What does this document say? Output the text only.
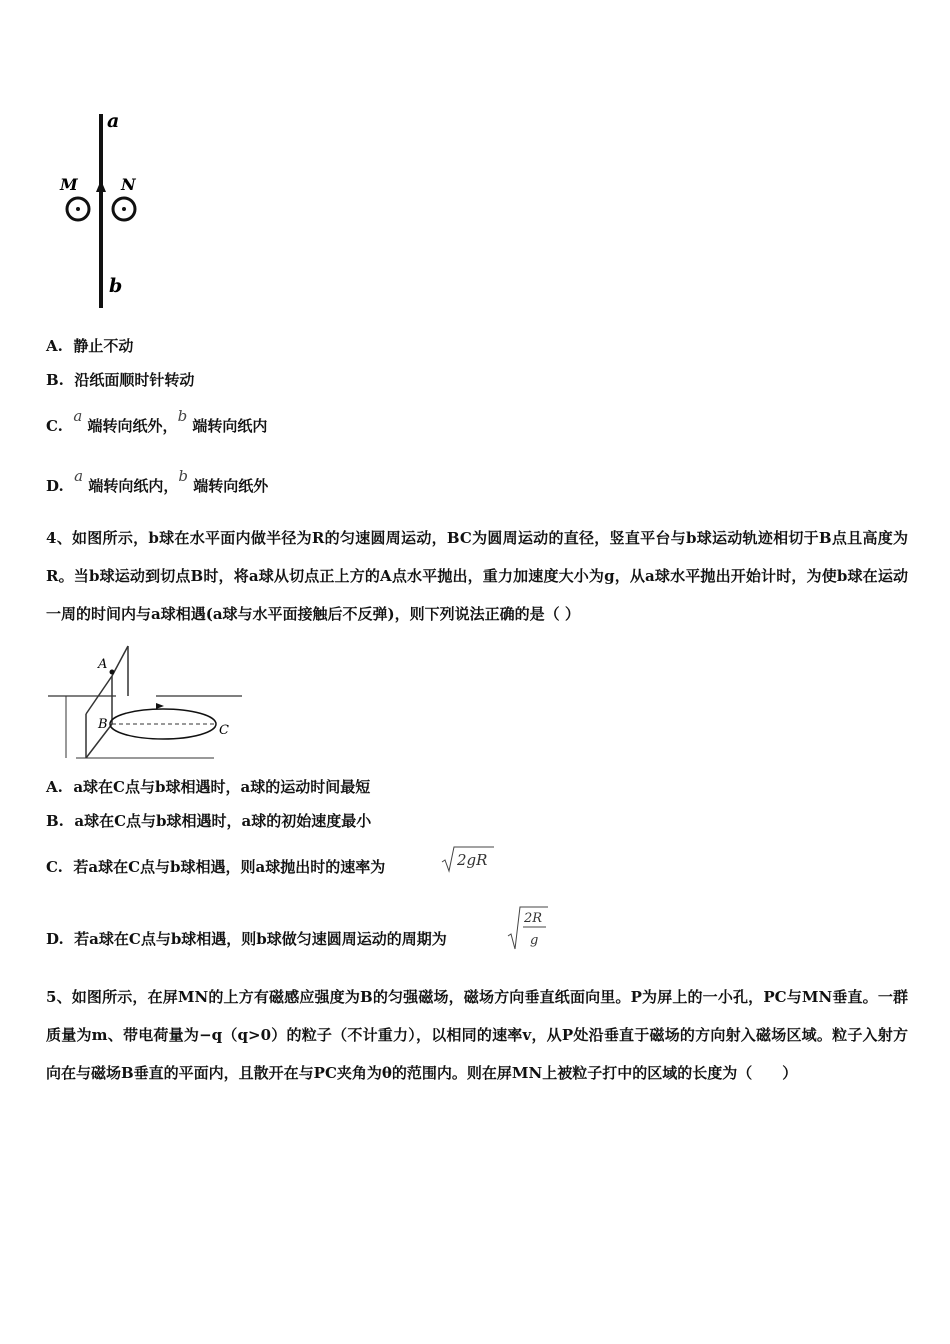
a
M	N
b
A. 静止不动
B. 沿纸面顺时针转动
C.  a 端转向纸外，b 端转向纸内
D.  a 端转向纸内，b 端转向纸外
4、如图所示，b球在水平面内做半径为R的匀速圆周运动，BC为圆周运动的直径，竖直平台与b球运动轨迹相切于B点且高度为R。当b球运动到切点B时，将a球从切点正上方的A点水平抛出，重力加速度大小为g，从a球水平抛出开始计时，为使b球在运动一周的时间内与a球相遇(a球与水平面接触后不反弹)，则下列说法正确的是（ ）
A
B	C
A. a球在C点与b球相遇时，a球的运动时间最短
B. a球在C点与b球相遇时，a球的初始速度最小
C. 若a球在C点与b球相遇，则a球抛出时的速率为	2gR
D. 若a球在C点与b球相遇，则b球做匀速圆周运动的周期为
2R
g
5、如图所示，在屏MN的上方有磁感应强度为B的匀强磁场，磁场方向垂直纸面向里。P为屏上的一小孔，PC与MN垂直。一群质量为m、带电荷量为−q（q>0）的粒子（不计重力），以相同的速率v，从P处沿垂直于磁场的方向射入磁场区域。粒子入射方向在与磁场B垂直的平面内，且散开在与PC夹角为θ的范围内。则在屏MN上被粒子打中的区域的长度为（　　）
